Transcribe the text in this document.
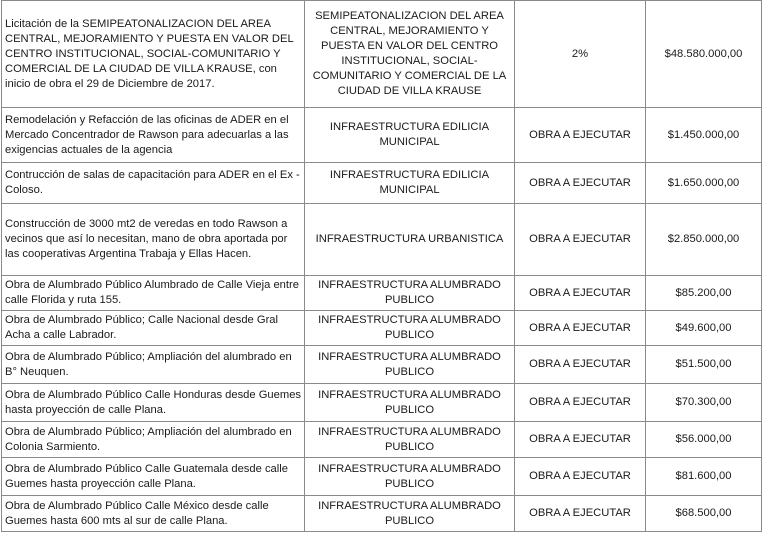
Licitación de la SEMIPEATONALIZACION DEL AREA CENTRAL, MEJORAMIENTO Y PUESTA EN VALOR DEL CENTRO INSTITUCIONAL, SOCIAL-COMUNITARIO Y COMERCIAL DE LA CIUDAD DE VILLA KRAUSE, con inicio de obra el 29 de Diciembre de 2017.	SEMIPEATONALIZACION DEL AREA CENTRAL, MEJORAMIENTO Y PUESTA EN VALOR DEL CENTRO INSTITUCIONAL, SOCIAL-COMUNITARIO Y COMERCIAL DE LA CIUDAD DE VILLA KRAUSE	2%	$48.580.000,00
Remodelación y Refacción de las oficinas de ADER en el Mercado Concentrador de Rawson para adecuarlas a las exigencias actuales de la agencia	INFRAESTRUCTURA EDILICIA MUNICIPAL	OBRA A EJECUTAR	$1.450.000,00
Contrucción de salas de capacitación para ADER en el Ex - Coloso.	INFRAESTRUCTURA EDILICIA MUNICIPAL	OBRA A EJECUTAR	$1.650.000,00
Construcción de 3000 mt2 de veredas en todo Rawson a vecinos que así lo necesitan, mano de obra aportada por las cooperativas Argentina Trabaja y Ellas Hacen.	INFRAESTRUCTURA URBANISTICA	OBRA A EJECUTAR	$2.850.000,00
Obra de Alumbrado Público Alumbrado de Calle Vieja entre calle Florida y ruta 155.	INFRAESTRUCTURA ALUMBRADO PUBLICO	OBRA A EJECUTAR	$85.200,00
Obra de Alumbrado Público; Calle Nacional desde Gral Acha a calle Labrador.	INFRAESTRUCTURA ALUMBRADO PUBLICO	OBRA A EJECUTAR	$49.600,00
Obra de Alumbrado Público; Ampliación del alumbrado en B° Neuquen.	INFRAESTRUCTURA ALUMBRADO PUBLICO	OBRA A EJECUTAR	$51.500,00
Obra de Alumbrado Público Calle Honduras desde Guemes hasta proyección de calle Plana.	INFRAESTRUCTURA ALUMBRADO PUBLICO	OBRA A EJECUTAR	$70.300,00
Obra de Alumbrado Público; Ampliación del alumbrado en Colonia Sarmiento.	INFRAESTRUCTURA ALUMBRADO PUBLICO	OBRA A EJECUTAR	$56.000,00
Obra de Alumbrado Público Calle Guatemala desde calle Guemes hasta proyección calle Plana.	INFRAESTRUCTURA ALUMBRADO PUBLICO	OBRA A EJECUTAR	$81.600,00
Obra de Alumbrado Público Calle México desde calle Guemes hasta 600 mts al sur de calle Plana.	INFRAESTRUCTURA ALUMBRADO PUBLICO	OBRA A EJECUTAR	$68.500,00
